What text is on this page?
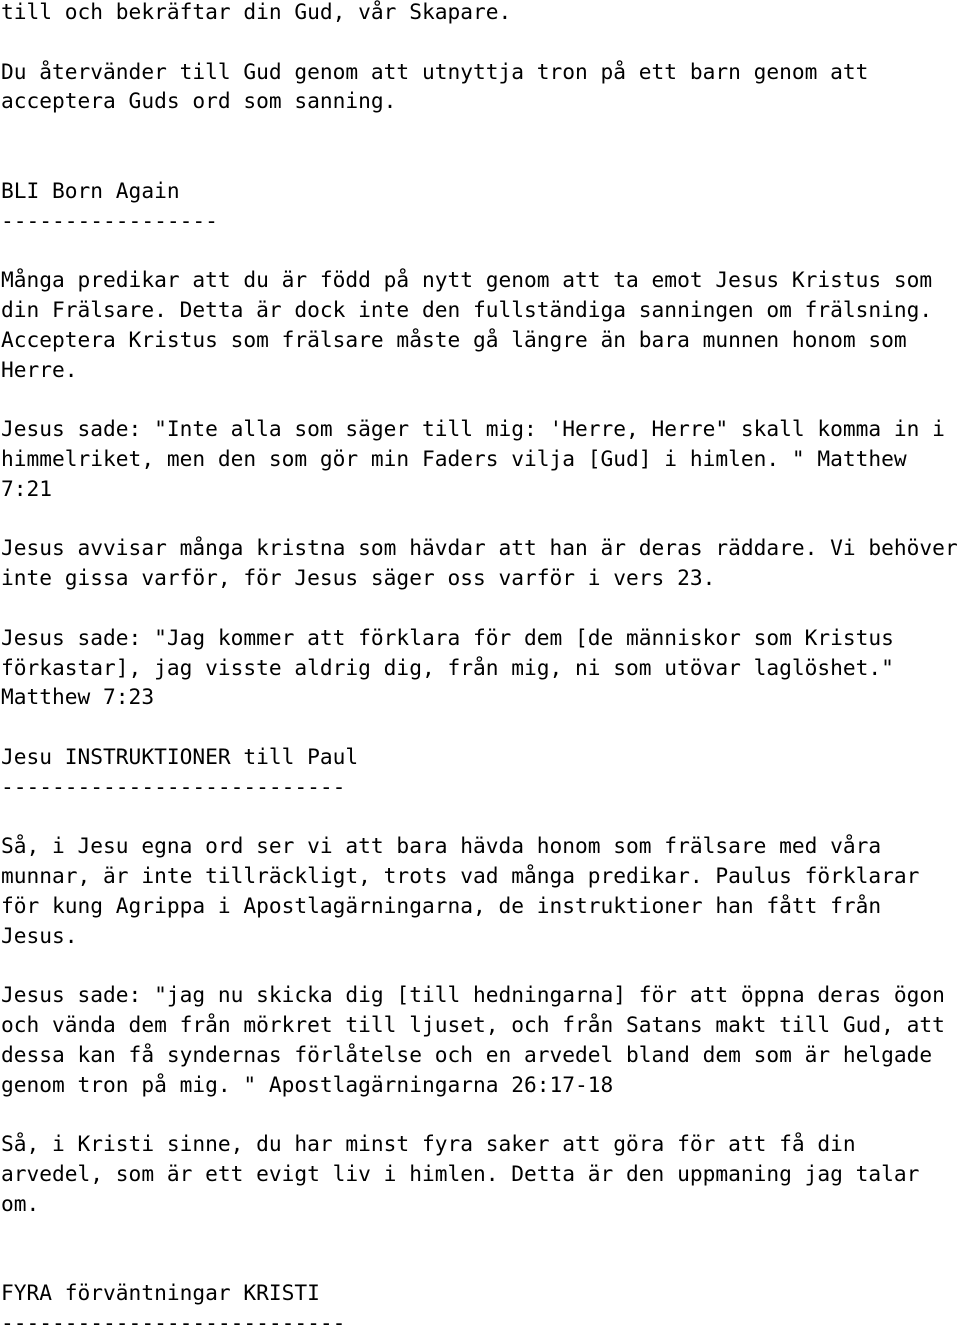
till och bekräftar din Gud, vår Skapare.
Du återvänder till Gud genom att utnyttja tron på ett barn genom att
acceptera Guds ord som sanning.
BLI Born Again
-----------------
Många predikar att du är född på nytt genom att ta emot Jesus Kristus som
din Frälsare. Detta är dock inte den fullständiga sanningen om frälsning.
Acceptera Kristus som frälsare måste gå längre än bara munnen honom som
Herre.
Jesus sade: "Inte alla som säger till mig: 'Herre, Herre" skall komma in i
himmelriket, men den som gör min Faders vilja [Gud] i himlen. " Matthew
7:21
Jesus avvisar många kristna som hävdar att han är deras räddare. Vi behöver
inte gissa varför, för Jesus säger oss varför i vers 23.
Jesus sade: "Jag kommer att förklara för dem [de människor som Kristus
förkastar], jag visste aldrig dig, från mig, ni som utövar laglöshet."
Matthew 7:23
Jesu INSTRUKTIONER till Paul
---------------------------
Så, i Jesu egna ord ser vi att bara hävda honom som frälsare med våra
munnar, är inte tillräckligt, trots vad många predikar. Paulus förklarar
för kung Agrippa i Apostlagärningarna, de instruktioner han fått från
Jesus.
Jesus sade: "jag nu skicka dig [till hedningarna] för att öppna deras ögon
och vända dem från mörkret till ljuset, och från Satans makt till Gud, att
dessa kan få syndernas förlåtelse och en arvedel bland dem som är helgade
genom tron på mig. " Apostlagärningarna 26:17-18
Så, i Kristi sinne, du har minst fyra saker att göra för att få din
arvedel, som är ett evigt liv i himlen. Detta är den uppmaning jag talar
om.
FYRA förväntningar KRISTI
---------------------------
